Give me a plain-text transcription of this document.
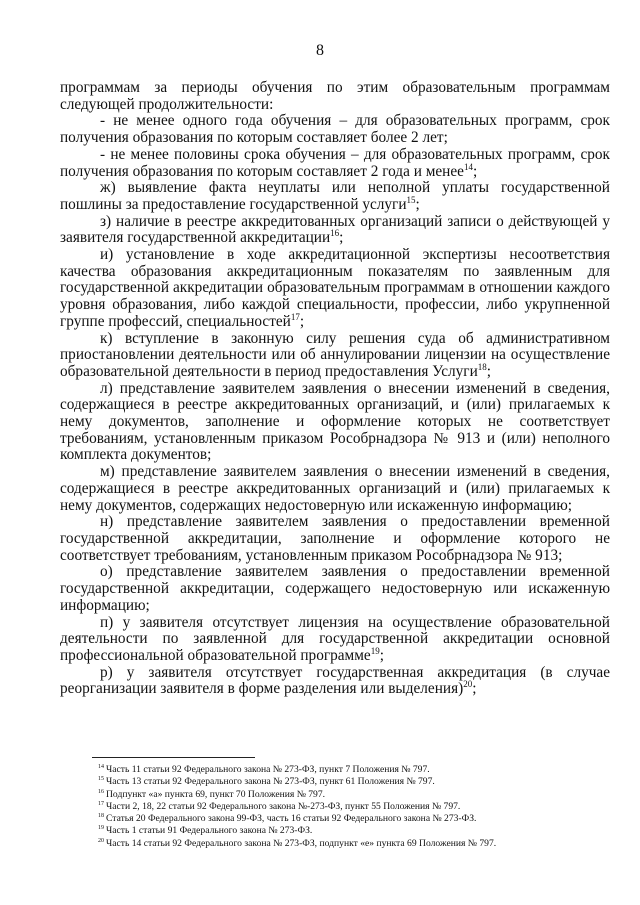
8

программам за периоды обучения по этим образовательным программам следующей продолжительности:

- не менее одного года обучения – для образовательных программ, срок получения образования по которым составляет более 2 лет;

- не менее половины срока обучения – для образовательных программ, срок получения образования по которым составляет 2 года и менее$^{14}$;

ж) выявление факта неуплаты или неполной уплаты государственной пошлины за предоставление государственной услуги$^{15}$;

з) наличие в реестре аккредитованных организаций записи о действующей у заявителя государственной аккредитации$^{16}$;

и) установление в ходе аккредитационной экспертизы несоответствия качества образования аккредитационным показателям по заявленным для государственной аккредитации образовательным программам в отношении каждого уровня образования, либо каждой специальности, профессии, либо укрупненной группе профессий, специальностей$^{17}$;

к) вступление в законную силу решения суда об административном приостановлении деятельности или об аннулировании лицензии на осуществление образовательной деятельности в период предоставления Услуги$^{18}$;

л) представление заявителем заявления о внесении изменений в сведения, содержащиеся в реестре аккредитованных организаций, и (или) прилагаемых к нему документов, заполнение и оформление которых не соответствует требованиям, установленным приказом Рособрнадзора № 913 и (или) неполного комплекта документов;

м) представление заявителем заявления о внесении изменений в сведения, содержащиеся в реестре аккредитованных организаций и (или) прилагаемых к нему документов, содержащих недостоверную или искаженную информацию;

н) представление заявителем заявления о предоставлении временной государственной аккредитации, заполнение и оформление которого не соответствует требованиям, установленным приказом Рособрнадзора № 913;

о) представление заявителем заявления о предоставлении временной государственной аккредитации, содержащего недостоверную или искаженную информацию;

п) у заявителя отсутствует лицензия на осуществление образовательной деятельности по заявленной для государственной аккредитации основной профессиональной образовательной программе$^{19}$;

р) у заявителя отсутствует государственная аккредитация (в случае реорганизации заявителя в форме разделения или выделения)$^{20}$;

$^{14}$ Часть 11 статьи 92 Федерального закона № 273-ФЗ, пункт 7 Положения № 797.

$^{15}$ Часть 13 статьи 92 Федерального закона № 273-ФЗ, пункт 61 Положения № 797.

$^{16}$ Подпункт «а» пункта 69, пункт 70 Положения № 797.

$^{17}$ Части 2, 18, 22 статьи 92 Федерального закона №-273-ФЗ, пункт 55 Положения № 797.

$^{18}$ Статья 20 Федерального закона 99-ФЗ, часть 16 статьи 92 Федерального закона № 273-ФЗ.

$^{19}$ Часть 1 статьи 91 Федерального закона № 273-ФЗ.

$^{20}$ Часть 14 статьи 92 Федерального закона № 273-ФЗ, подпункт «е» пункта 69 Положения № 797.
